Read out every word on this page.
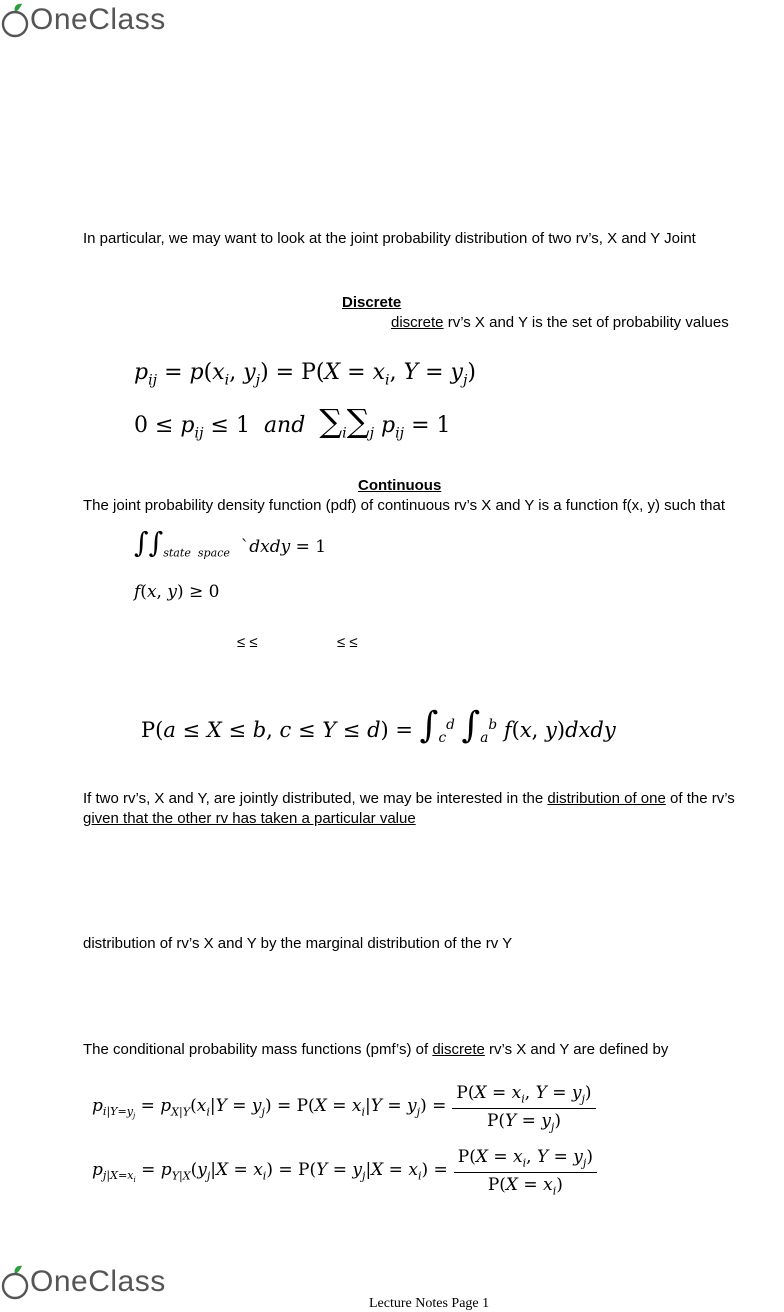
OneClass
In particular, we may want to look at the joint probability distribution of two rv’s, X and Y Joint
Discrete
discrete rv’s X and Y is the set of probability values
$p_{ij} = p(x_i$, $y_j) = P(X = x_i$, $Y = y_j$)
$0 \le p_{ij} \le 1$  and $\sum_i\sum_j$ $p_{ij} = 1$
Continuous
The joint probability density function (pdf) of continuous rv’s X and Y is a function f(x, y) such that
$\int\int_{state space}$  `dxdy = 1
f(x, y) ≥ 0
≤ ≤	≤ ≤
P(a ≤ X ≤ b, $c \le Y \le d) = \int_c^d$ $\int_a^b$ f(x, y)dxdy
If two rv’s, X and Y, are jointly distributed, we may be interested in the distribution of one of the rv’s
given that the other rv has taken a particular value
distribution of rv’s X and Y by the marginal distribution of the rv Y
The conditional probability mass functions (pmf’s) of discrete rv’s X and Y are defined by
$p_{i|Y=y_j} = p_{X|Y}(x_i|Y = y_j) = P(X = x_i|Y = y_j) = \frac{P(X = x_i, Y = y_j)}{P(Y = y_j)}$
$p_{j|X=x_i} = p_{Y|X}(y_j|X = x_i) = P(Y = y_j|X = x_i) = \frac{P(X = x_i, Y = y_j)}{P(X = x_i)}$
OneClass
Lecture Notes Page 1
